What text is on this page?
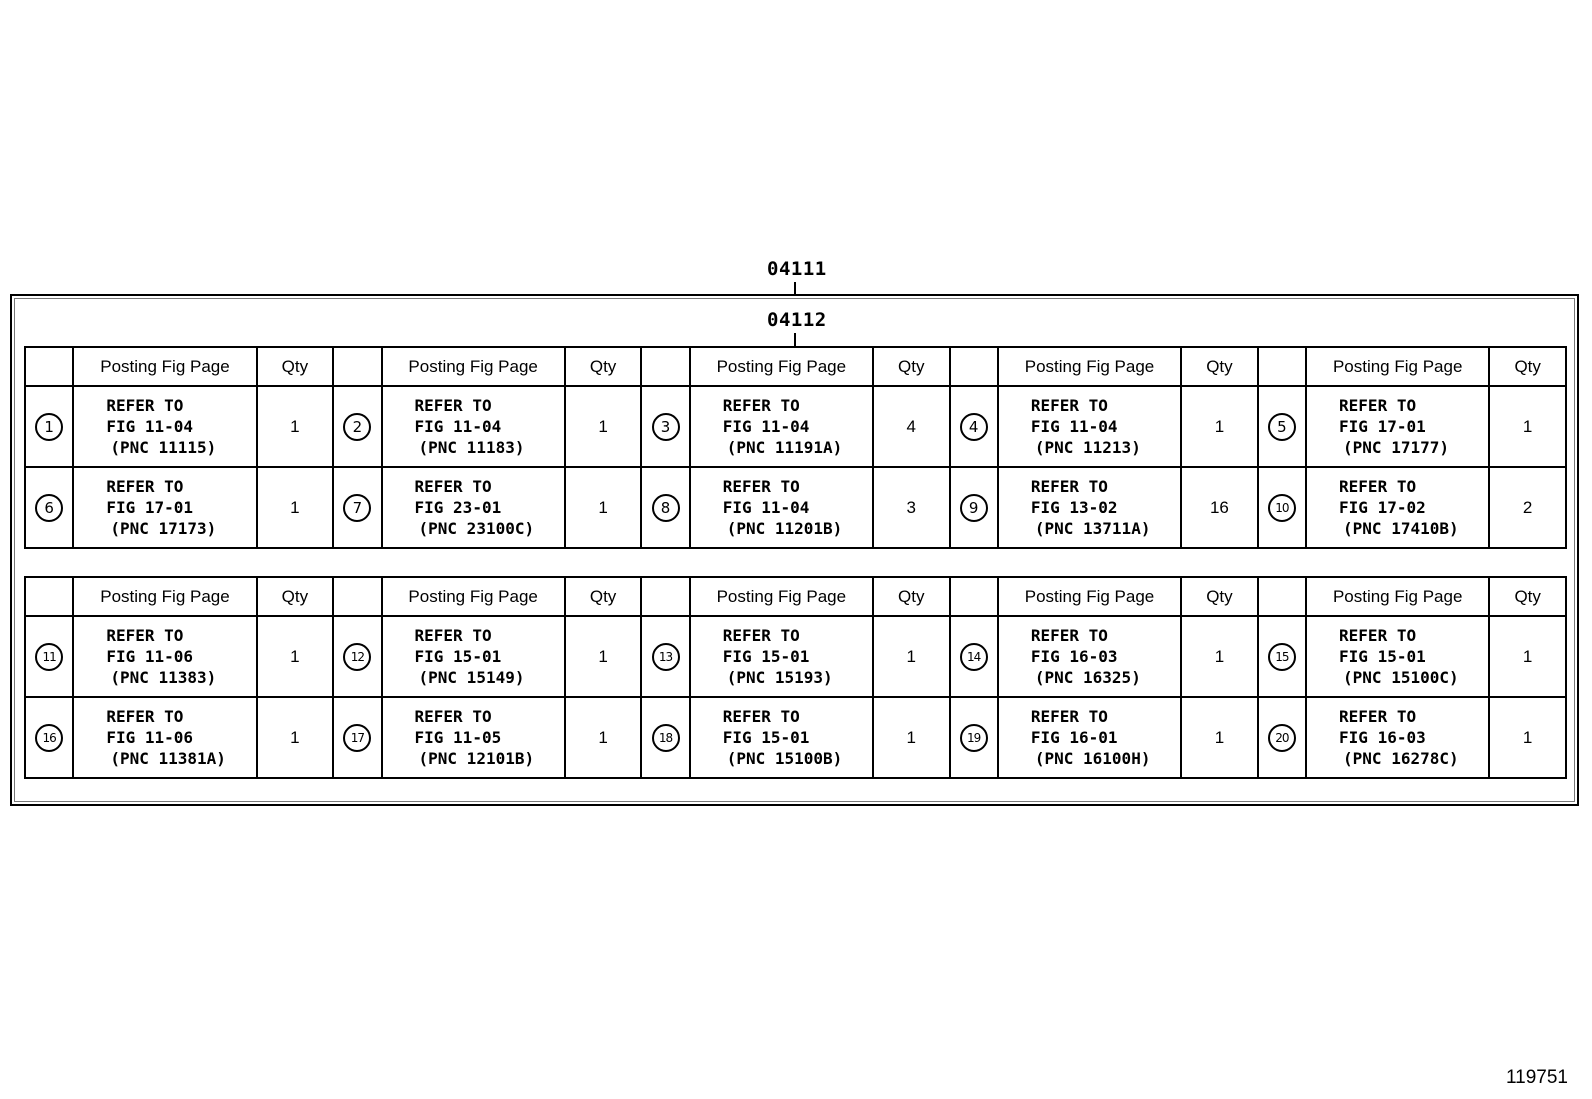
04111
04112
	Posting Fig Page	Qty		Posting Fig Page	Qty		Posting Fig Page	Qty		Posting Fig Page	Qty		Posting Fig Page	Qty
1	REFER TO
FIG 11-04
(PNC 11115)	1	2	REFER TO
FIG 11-04
(PNC 11183)	1	3	REFER TO
FIG 11-04
(PNC 11191A)	4	4	REFER TO
FIG 11-04
(PNC 11213)	1	5	REFER TO
FIG 17-01
(PNC 17177)	1
6	REFER TO
FIG 17-01
(PNC 17173)	1	7	REFER TO
FIG 23-01
(PNC 23100C)	1	8	REFER TO
FIG 11-04
(PNC 11201B)	3	9	REFER TO
FIG 13-02
(PNC 13711A)	16	10	REFER TO
FIG 17-02
(PNC 17410B)	2
	Posting Fig Page	Qty		Posting Fig Page	Qty		Posting Fig Page	Qty		Posting Fig Page	Qty		Posting Fig Page	Qty
11	REFER TO
FIG 11-06
(PNC 11383)	1	12	REFER TO
FIG 15-01
(PNC 15149)	1	13	REFER TO
FIG 15-01
(PNC 15193)	1	14	REFER TO
FIG 16-03
(PNC 16325)	1	15	REFER TO
FIG 15-01
(PNC 15100C)	1
16	REFER TO
FIG 11-06
(PNC 11381A)	1	17	REFER TO
FIG 11-05
(PNC 12101B)	1	18	REFER TO
FIG 15-01
(PNC 15100B)	1	19	REFER TO
FIG 16-01
(PNC 16100H)	1	20	REFER TO
FIG 16-03
(PNC 16278C)	1
119751
